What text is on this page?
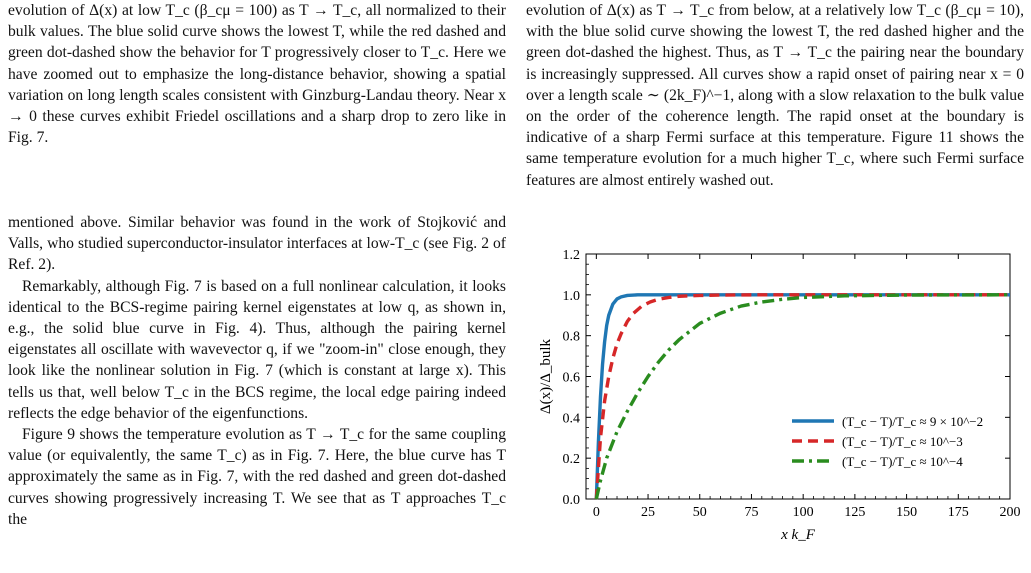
evolution of Δ(x) at low T_c (β_cμ = 100) as T → T_c, all normalized to their bulk values. The blue solid curve shows the lowest T, while the red dashed and green dot-dashed show the behavior for T progressively closer to T_c. Here we have zoomed out to emphasize the long-distance behavior, showing a spatial variation on long length scales consistent with Ginzburg-Landau theory. Near x → 0 these curves exhibit Friedel oscillations and a sharp drop to zero like in Fig. 7.

mentioned above. Similar behavior was found in the work of Stojković and Valls, who studied superconductor-insulator interfaces at low-T_c (see Fig. 2 of Ref. 2).

Remarkably, although Fig. 7 is based on a full nonlinear calculation, it looks identical to the BCS-regime pairing kernel eigenstates at low q, as shown in, e.g., the solid blue curve in Fig. 4). Thus, although the pairing kernel eigenstates all oscillate with wavevector q, if we "zoom-in" close enough, they look like the nonlinear solution in Fig. 7 (which is constant at large x). This tells us that, well below T_c in the BCS regime, the local edge pairing indeed reflects the edge behavior of the eigenfunctions.

Figure 9 shows the temperature evolution as T → T_c for the same coupling value (or equivalently, the same T_c) as in Fig. 7. Here, the blue curve has T approximately the same as in Fig. 7, with the red dashed and green dot-dashed curves showing progressively increasing T. We see that as T approaches T_c the

evolution of Δ(x) as T → T_c from below, at a relatively low T_c (β_cμ = 10), with the blue solid curve showing the lowest T, the red dashed higher and the green dot-dashed the highest. Thus, as T → T_c the pairing near the boundary is increasingly suppressed. All curves show a rapid onset of pairing near x = 0 over a length scale ∼ (2k_F)^−1, along with a slow relaxation to the bulk value on the order of the coherence length. The rapid onset at the boundary is indicative of a sharp Fermi surface at this temperature. Figure 11 shows the same temperature evolution for a much higher T_c, where such Fermi surface features are almost entirely washed out.

0	25	50	75 100 125 150 175 200
0.0
0.2
0.4
0.6
0.8
1.0
1.2
x k_F
Δ(x)/Δ_bulk
(T_c − T)/T_c ≈ 9 × 10^−2
(T_c − T)/T_c ≈ 10^−3
(T_c − T)/T_c ≈ 10^−4
